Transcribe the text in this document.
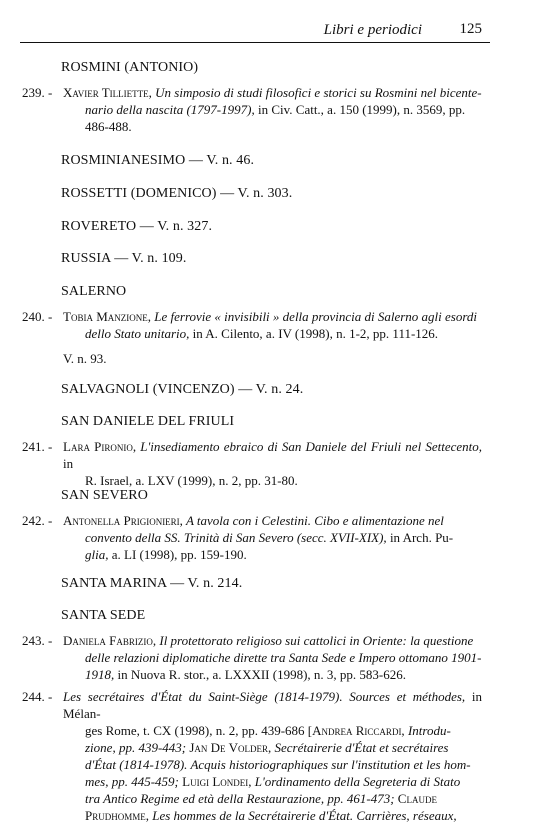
Libri e periodici	125
ROSMINI (ANTONIO)
239. - Xavier Tilliette, Un simposio di studi filosofici e storici su Rosmini nel bicente-
nario della nascita (1797-1997), in Civ. Catt., a. 150 (1999), n. 3569, pp.
486-488.
ROSMINIANESIMO — V. n. 46.
ROSSETTI (DOMENICO) — V. n. 303.
ROVERETO — V. n. 327.
RUSSIA — V. n. 109.
SALERNO
240. - Tobia Manzione, Le ferrovie « invisibili » della provincia di Salerno agli esordi
dello Stato unitario, in A. Cilento, a. IV (1998), n. 1-2, pp. 111-126.
V. n. 93.
SALVAGNOLI (VINCENZO) — V. n. 24.
SAN DANIELE DEL FRIULI
241. - Lara Pironio, L'insediamento ebraico di San Daniele del Friuli nel Settecento, in
R. Israel, a. LXV (1999), n. 2, pp. 31-80.
SAN SEVERO
242. - Antonella Prigionieri, A tavola con i Celestini. Cibo e alimentazione nel
convento della SS. Trinità di San Severo (secc. XVII-XIX), in Arch. Pu-
glia, a. LI (1998), pp. 159-190.
SANTA MARINA — V. n. 214.
SANTA SEDE
243. - Daniela Fabrizio, Il protettorato religioso sui cattolici in Oriente: la questione
delle relazioni diplomatiche dirette tra Santa Sede e Impero ottomano 1901-
1918, in Nuova R. stor., a. LXXXII (1998), n. 3, pp. 583-626.
244. - Les secrétaires d'État du Saint-Siège (1814-1979). Sources et méthodes, in Mélan-
ges Rome, t. CX (1998), n. 2, pp. 439-686 [Andrea Riccardi, Introdu-
zione, pp. 439-443; Jan De Volder, Secrétairerie d'État et secrétaires
d'État (1814-1978). Acquis historiographiques sur l'institution et les hom-
mes, pp. 445-459; Luigi Londei, L'ordinamento della Segreteria di Stato
tra Antico Regime ed età della Restaurazione, pp. 461-473; Claude
Prudhomme, Les hommes de la Secrétairerie d'État. Carrières, réseaux,
